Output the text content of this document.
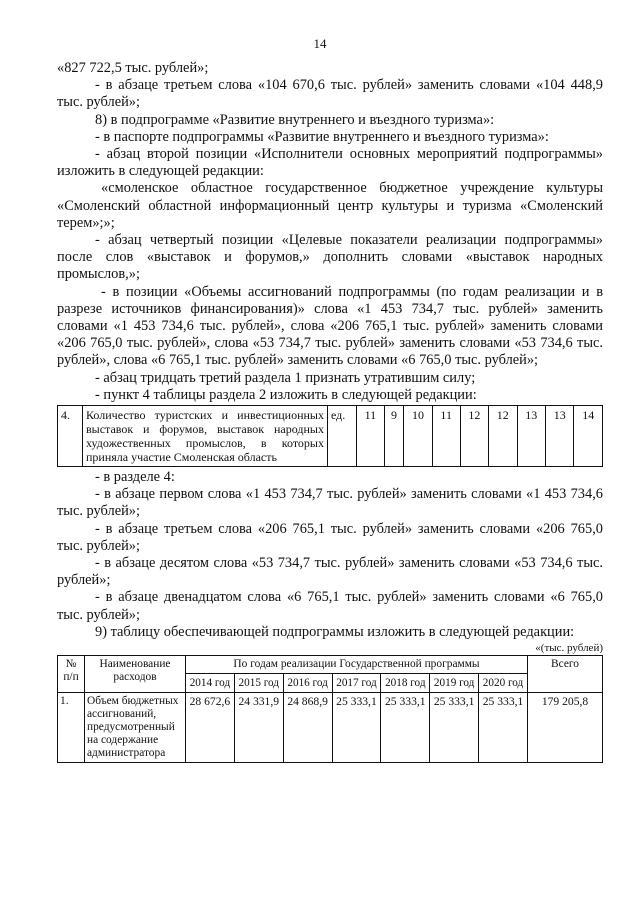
14

«827 722,5 тыс. рублей»;

- в абзаце третьем слова «104 670,6 тыс. рублей» заменить словами «104 448,9 тыс. рублей»;

8) в подпрограмме «Развитие внутреннего и въездного туризма»:

- в паспорте подпрограммы «Развитие внутреннего и въездного туризма»:

- абзац второй позиции «Исполнители основных мероприятий подпрограммы» изложить в следующей редакции:

«смоленское областное государственное бюджетное учреждение культуры «Смоленский областной информационный центр культуры и туризма «Смоленский терем»;»;

- абзац четвертый позиции «Целевые показатели реализации подпрограммы» после слов «выставок и форумов,» дополнить словами «выставок народных промыслов,»;

- в позиции «Объемы ассигнований подпрограммы (по годам реализации и в разрезе источников финансирования)» слова «1 453 734,7 тыс. рублей» заменить словами «1 453 734,6 тыс. рублей», слова «206 765,1 тыс. рублей» заменить словами «206 765,0 тыс. рублей», слова «53 734,7 тыс. рублей» заменить словами «53 734,6 тыс. рублей», слова «6 765,1 тыс. рублей» заменить словами «6 765,0 тыс. рублей»;

- абзац тридцать третий раздела 1 признать утратившим силу;

- пункт 4 таблицы раздела 2 изложить в следующей редакции:

4.	Количество туристских и инвестиционных выставок и форумов, выставок народных художественных промыслов, в которых приняла участие Смоленская область	ед.	11	9	10	11	12	12	13	13	14

- в разделе 4:

- в абзаце первом слова «1 453 734,7 тыс. рублей» заменить словами «1 453 734,6 тыс. рублей»;

- в абзаце третьем слова «206 765,1 тыс. рублей» заменить словами «206 765,0 тыс. рублей»;

- в абзаце десятом слова «53 734,7 тыс. рублей» заменить словами «53 734,6 тыс. рублей»;

- в абзаце двенадцатом слова «6 765,1 тыс. рублей» заменить словами «6 765,0 тыс. рублей»;

9) таблицу обеспечивающей подпрограммы изложить в следующей редакции:

«(тыс. рублей)
№ п/п	Наименование расходов	По годам реализации Государственной программы							Всего
		2014 год	2015 год	2016 год	2017 год	2018 год	2019 год	2020 год	
1.	Объем бюджетных ассигнований, предусмотренный на содержание администратора	28 672,6	24 331,9	24 868,9	25 333,1	25 333,1	25 333,1	25 333,1	179 205,8
